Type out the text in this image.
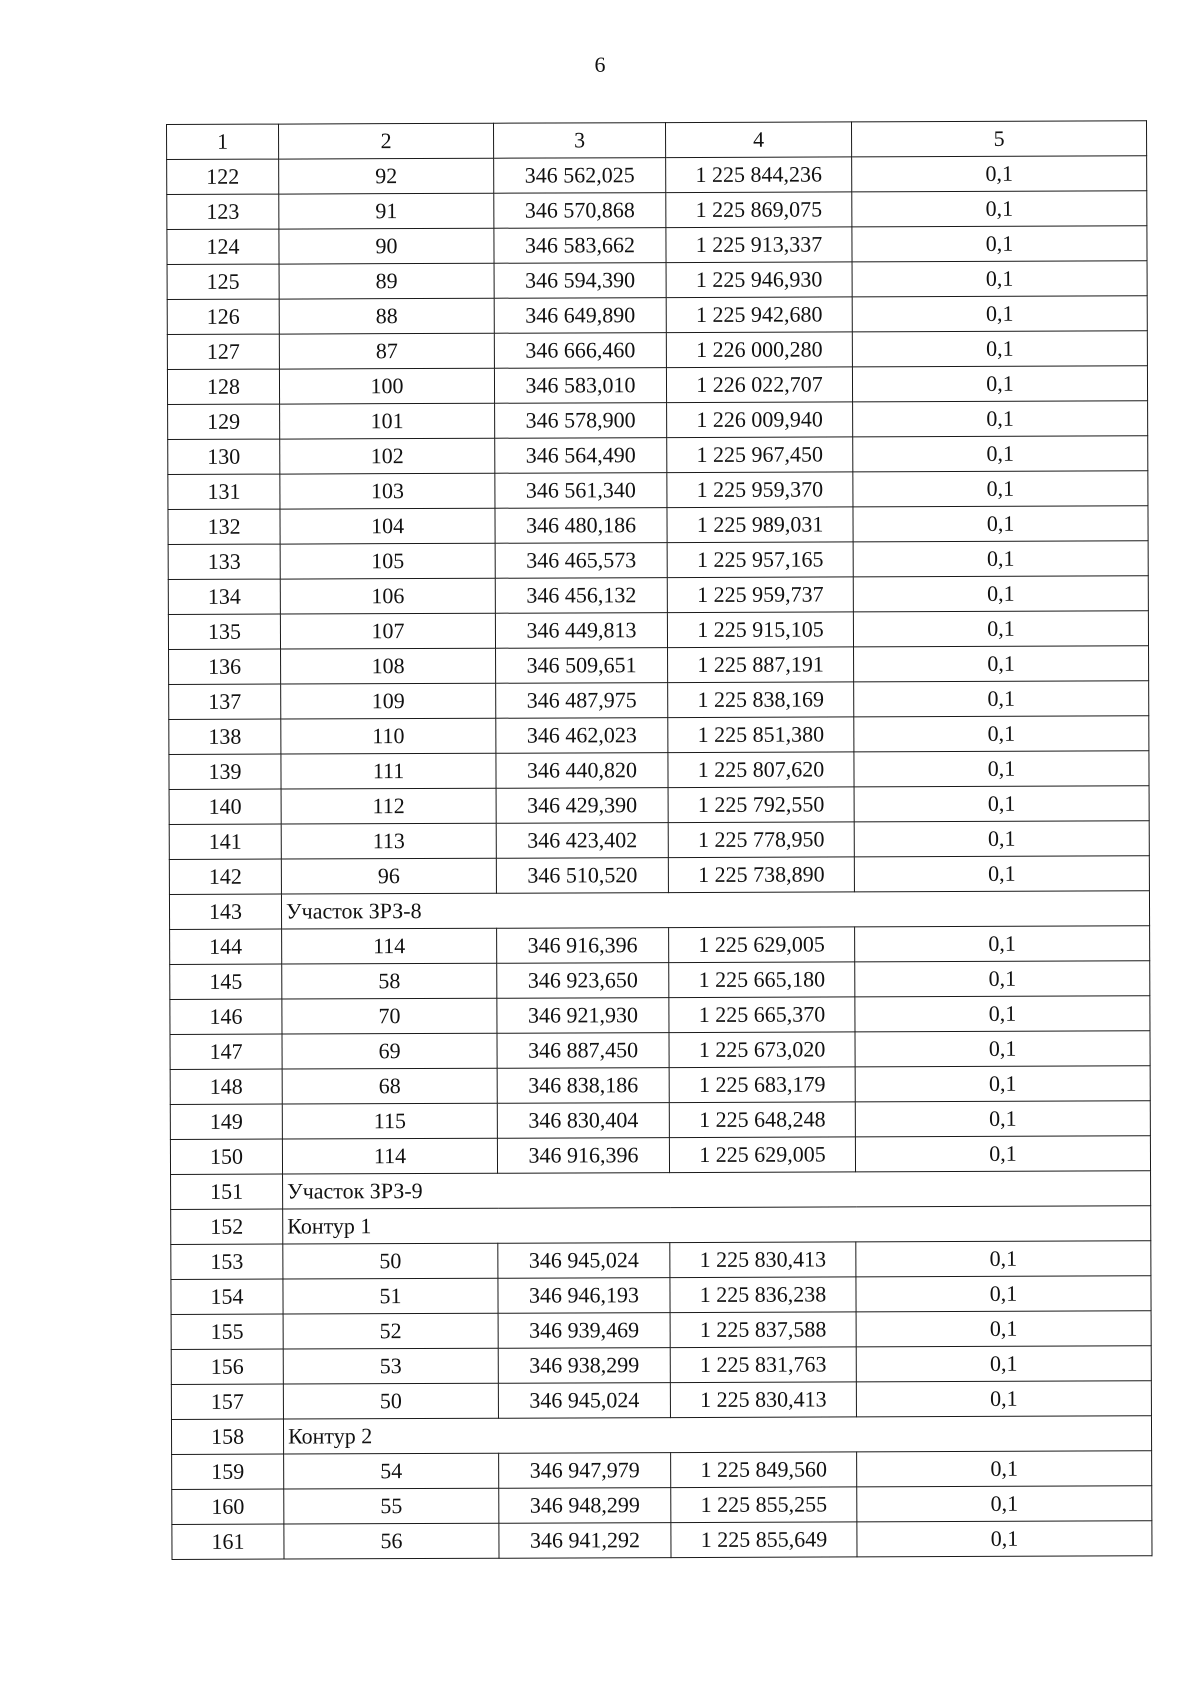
6
1	2	3	4	5
122	92	346 562,025	1 225 844,236	0,1
123	91	346 570,868	1 225 869,075	0,1
124	90	346 583,662	1 225 913,337	0,1
125	89	346 594,390	1 225 946,930	0,1
126	88	346 649,890	1 225 942,680	0,1
127	87	346 666,460	1 226 000,280	0,1
128	100	346 583,010	1 226 022,707	0,1
129	101	346 578,900	1 226 009,940	0,1
130	102	346 564,490	1 225 967,450	0,1
131	103	346 561,340	1 225 959,370	0,1
132	104	346 480,186	1 225 989,031	0,1
133	105	346 465,573	1 225 957,165	0,1
134	106	346 456,132	1 225 959,737	0,1
135	107	346 449,813	1 225 915,105	0,1
136	108	346 509,651	1 225 887,191	0,1
137	109	346 487,975	1 225 838,169	0,1
138	110	346 462,023	1 225 851,380	0,1
139	111	346 440,820	1 225 807,620	0,1
140	112	346 429,390	1 225 792,550	0,1
141	113	346 423,402	1 225 778,950	0,1
142	96	346 510,520	1 225 738,890	0,1
143	Участок ЗРЗ-8			
144	114	346 916,396	1 225 629,005	0,1
145	58	346 923,650	1 225 665,180	0,1
146	70	346 921,930	1 225 665,370	0,1
147	69	346 887,450	1 225 673,020	0,1
148	68	346 838,186	1 225 683,179	0,1
149	115	346 830,404	1 225 648,248	0,1
150	114	346 916,396	1 225 629,005	0,1
151	Участок ЗРЗ-9			
152	Контур 1			
153	50	346 945,024	1 225 830,413	0,1
154	51	346 946,193	1 225 836,238	0,1
155	52	346 939,469	1 225 837,588	0,1
156	53	346 938,299	1 225 831,763	0,1
157	50	346 945,024	1 225 830,413	0,1
158	Контур 2			
159	54	346 947,979	1 225 849,560	0,1
160	55	346 948,299	1 225 855,255	0,1
161	56	346 941,292	1 225 855,649	0,1
